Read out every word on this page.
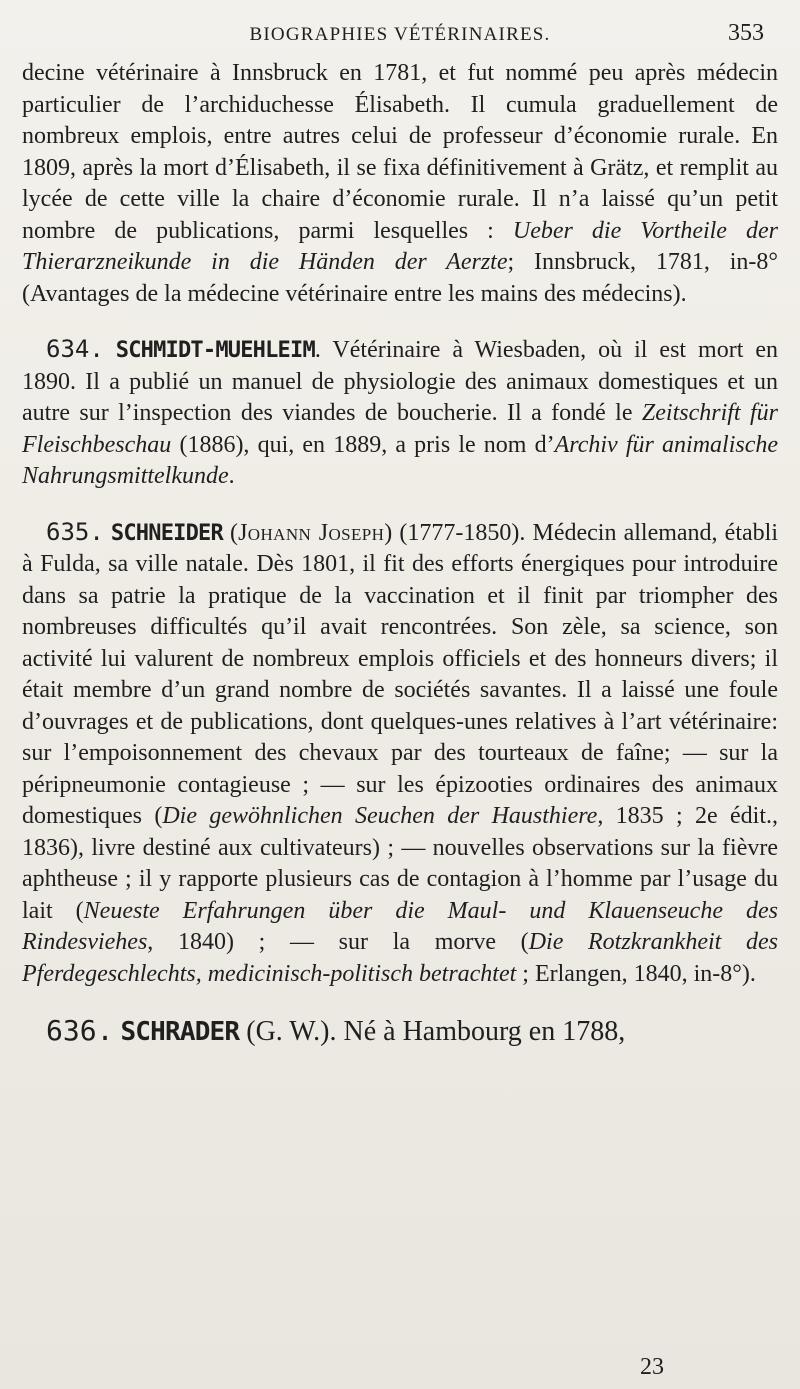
BIOGRAPHIES VÉTÉRINAIRES.	353

decine vétérinaire à Innsbruck en 1781, et fut nommé peu après médecin particulier de l’archiduchesse Élisabeth. Il cumula graduellement de nombreux emplois, entre autres celui de professeur d’économie rurale. En 1809, après la mort d’Élisabeth, il se fixa définitivement à Grätz, et remplit au lycée de cette ville la chaire d’économie rurale. Il n’a laissé qu’un petit nombre de publications, parmi lesquelles : Ueber die Vortheile der Thierarzneikunde in die Händen der Aerzte; Innsbruck, 1781, in-8° (Avantages de la médecine vétérinaire entre les mains des médecins).

634. SCHMIDT-MUEHLEIM. Vétérinaire à Wiesbaden, où il est mort en 1890. Il a publié un manuel de physiologie des animaux domestiques et un autre sur l’inspection des viandes de boucherie. Il a fondé le Zeitschrift für Fleischbeschau (1886), qui, en 1889, a pris le nom d’Archiv für animalische Nahrungsmittelkunde.

635. SCHNEIDER (Johann Joseph) (1777-1850). Médecin allemand, établi à Fulda, sa ville natale. Dès 1801, il fit des efforts énergiques pour introduire dans sa patrie la pratique de la vaccination et il finit par triompher des nombreuses difficultés qu’il avait rencontrées. Son zèle, sa science, son activité lui valurent de nombreux emplois officiels et des honneurs divers; il était membre d’un grand nombre de sociétés savantes. Il a laissé une foule d’ouvrages et de publications, dont quelques-unes relatives à l’art vétérinaire: sur l’empoisonnement des chevaux par des tourteaux de faîne; — sur la péripneumonie contagieuse ; — sur les épizooties ordinaires des animaux domestiques (Die gewöhnlichen Seuchen der Hausthiere, 1835 ; 2e édit., 1836), livre destiné aux cultivateurs) ; — nouvelles observations sur la fièvre aphtheuse ; il y rapporte plusieurs cas de contagion à l’homme par l’usage du lait (Neueste Erfahrungen über die Maul- und Klauenseuche des Rindesviehes, 1840) ; — sur la morve (Die Rotzkrankheit des Pferdegeschlechts, medicinisch-politisch betrachtet ; Erlangen, 1840, in-8°).

636. SCHRADER (G. W.). Né à Hambourg en 1788,

23
